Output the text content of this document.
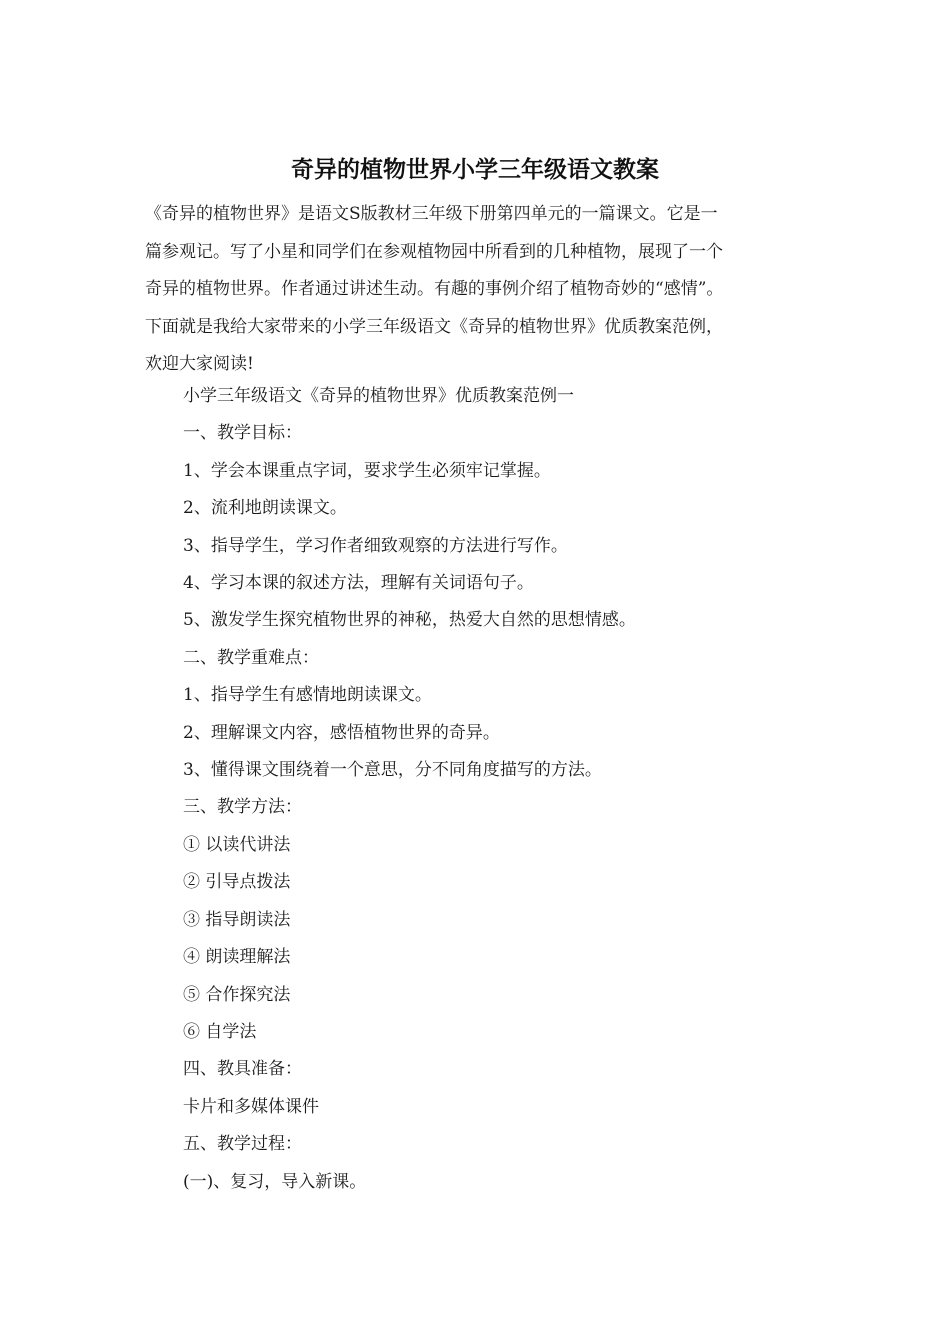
奇异的植物世界小学三年级语文教案
《奇异的植物世界》是语文S版教材三年级下册第四单元的一篇课文。它是一
篇参观记。写了小星和同学们在参观植物园中所看到的几种植物，展现了一个
奇异的植物世界。作者通过讲述生动。有趣的事例介绍了植物奇妙的“感情”。
下面就是我给大家带来的小学三年级语文《奇异的植物世界》优质教案范例，
欢迎大家阅读!
小学三年级语文《奇异的植物世界》优质教案范例一
一、教学目标：
1、学会本课重点字词，要求学生必须牢记掌握。
2、流利地朗读课文。
3、指导学生，学习作者细致观察的方法进行写作。
4、学习本课的叙述方法，理解有关词语句子。
5、激发学生探究植物世界的神秘，热爱大自然的思想情感。
二、教学重难点：
1、指导学生有感情地朗读课文。
2、理解课文内容，感悟植物世界的奇异。
3、懂得课文围绕着一个意思，分不同角度描写的方法。
三、教学方法：
① 以读代讲法
② 引导点拨法
③ 指导朗读法
④ 朗读理解法
⑤ 合作探究法
⑥ 自学法
四、教具准备：
卡片和多媒体课件
五、教学过程：
(一)、复习，导入新课。
